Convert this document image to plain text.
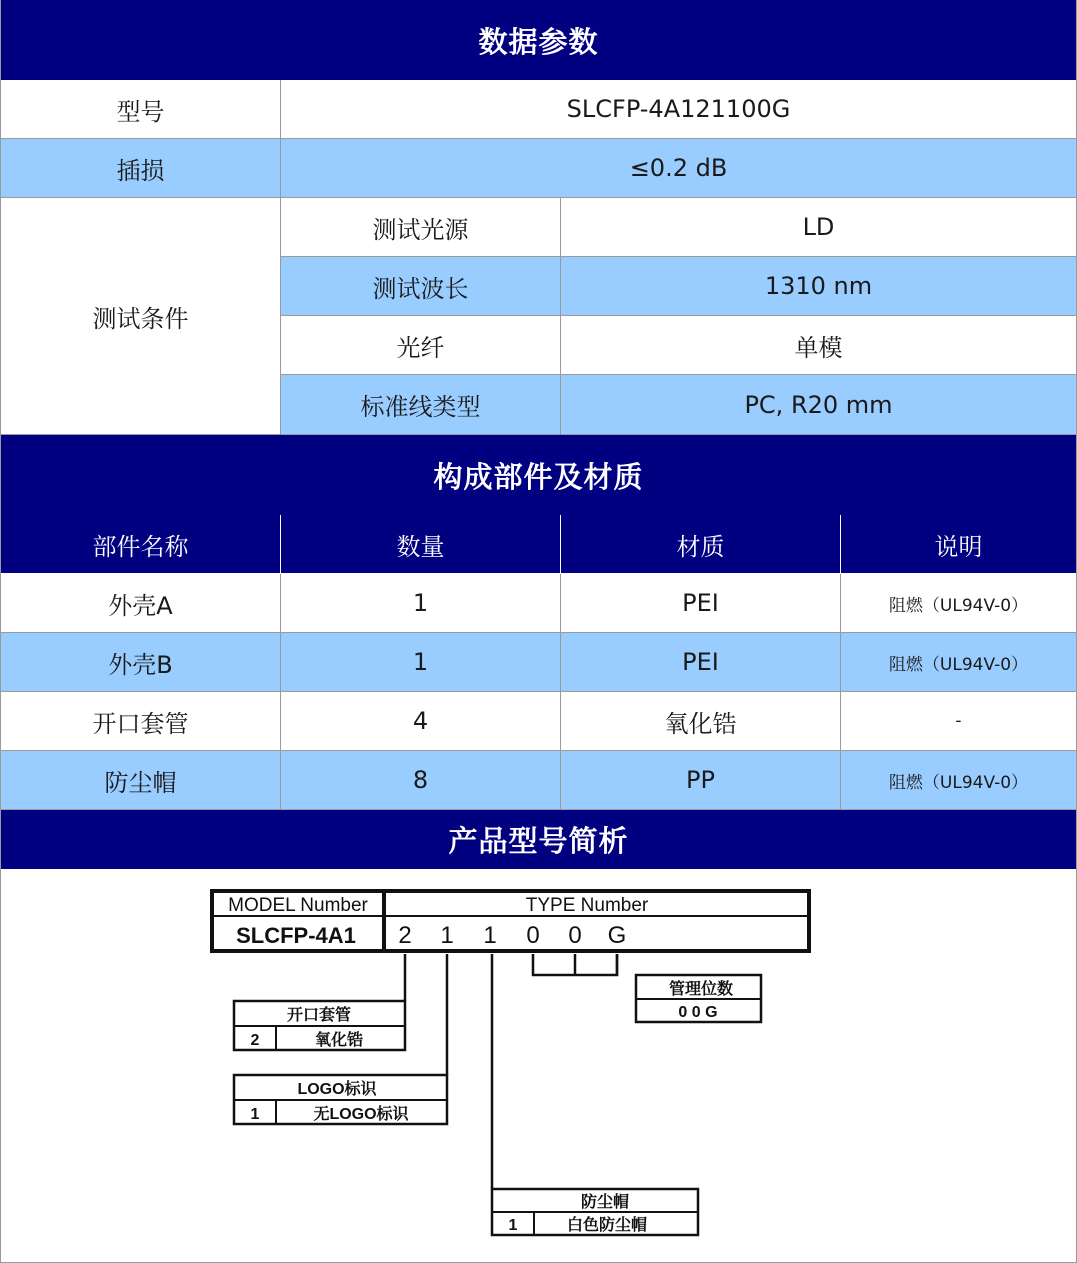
数据参数
型号	SLCFP-4A121100G
插损	≤0.2 dB
测试条件
测试光源	LD
测试波长	1310 nm
光纤	单模
标准线类型	PC, R20 mm
构成部件及材质
部件名称	数量	材质	说明
外壳A	1	PEI	阻燃（UL94V-0）
外壳B	1	PEI	阻燃（UL94V-0）
开口套管	4	氧化锆	-
防尘帽	8	PP	阻燃（UL94V-0）
产品型号简析
MODEL Number
SLCFP-4A1
TYPE Number
2 1 1 0 0 G
开口套管
2	氧化锆
LOGO标识
1	无LOGO标识
防尘帽
1	白色防尘帽
管理位数
0 0 G
